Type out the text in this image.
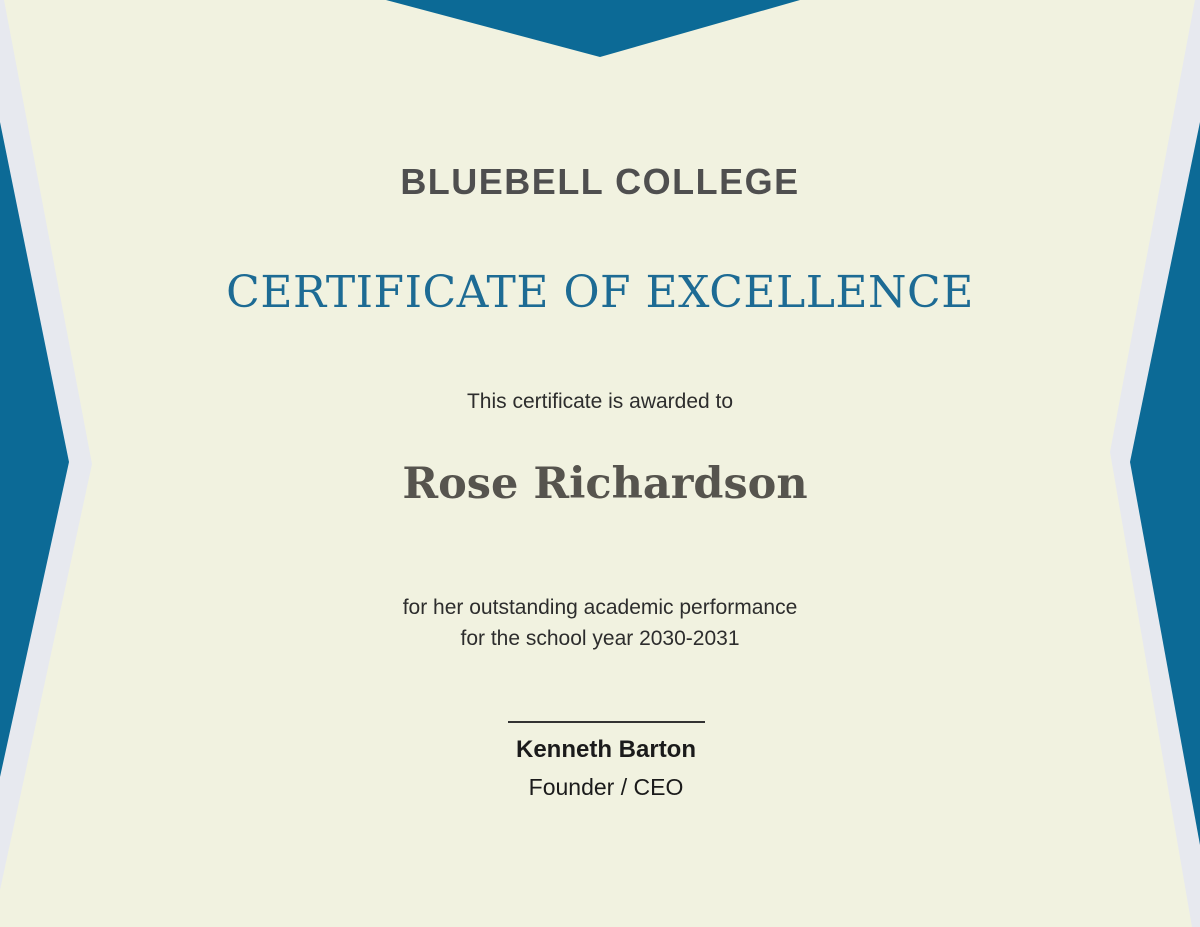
BLUEBELL COLLEGE
CERTIFICATE OF EXCELLENCE
This certificate is awarded to
Rose Richardson
for her outstanding academic performance
for the school year 2030-2031
Kenneth Barton
Founder / CEO
